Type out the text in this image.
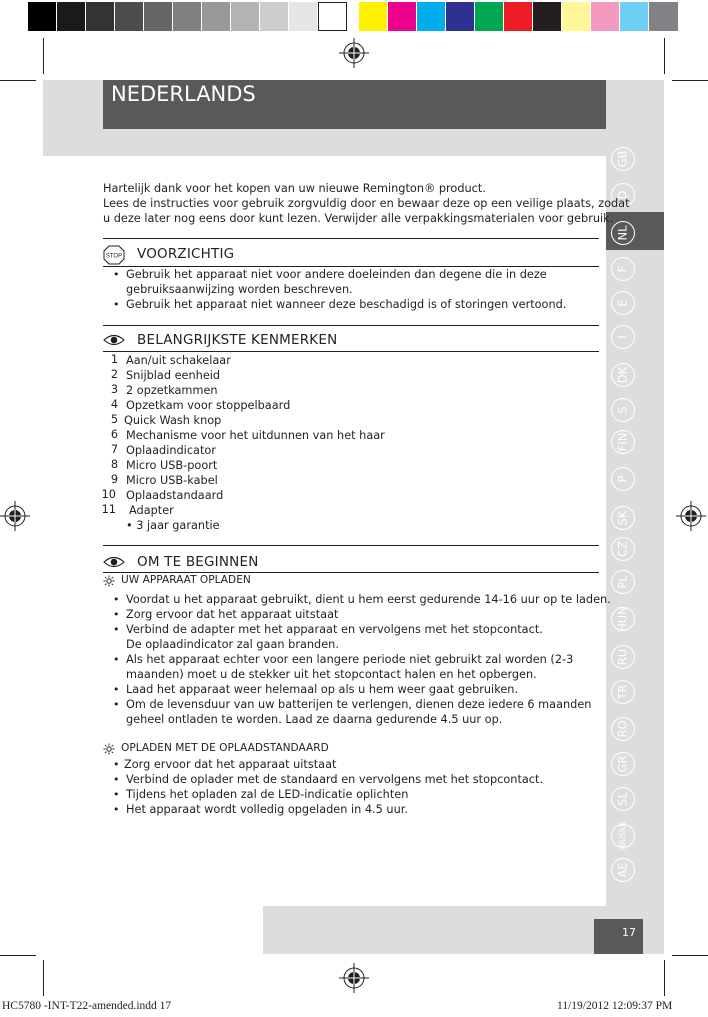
NEDERLANDS
GB
D
NL
F
E
I
DK
S
FIN
P
SK
CZ
PL
HUN
RU
TR
RO
GR
SL
HR/SRB
AE
Hartelijk dank voor het kopen van uw nieuwe Remington® product.
Lees de instructies voor gebruik zorgvuldig door en bewaar deze op een veilige plaats, zodat
u deze later nog eens door kunt lezen. Verwijder alle verpakkingsmaterialen voor gebruik.
STOP VOORZICHTIG
• Gebruik het apparaat niet voor andere doeleinden dan degene die in deze
gebruiksaanwijzing worden beschreven.
• Gebruik het apparaat niet wanneer deze beschadigd is of storingen vertoond.
BELANGRIJKSTE KENMERKEN
1 Aan/uit schakelaar
2 Snijblad eenheid
3 2 opzetkammen
4 Opzetkam voor stoppelbaard
5 Quick Wash knop
6 Mechanisme voor het uitdunnen van het haar
7 Oplaadindicator
8 Micro USB-poort
9 Micro USB-kabel
10 Oplaadstandaard
11 Adapter
• 3 jaar garantie
OM TE BEGINNEN
UW APPARAAT OPLADEN
• Voordat u het apparaat gebruikt, dient u hem eerst gedurende 14-16 uur op te laden.
• Zorg ervoor dat het apparaat uitstaat
• Verbind de adapter met het apparaat en vervolgens met het stopcontact.
De oplaadindicator zal gaan branden.
• Als het apparaat echter voor een langere periode niet gebruikt zal worden (2-3
maanden) moet u de stekker uit het stopcontact halen en het opbergen.
• Laad het apparaat weer helemaal op als u hem weer gaat gebruiken.
• Om de levensduur van uw batterijen te verlengen, dienen deze iedere 6 maanden
geheel ontladen te worden. Laad ze daarna gedurende 4.5 uur op.
OPLADEN MET DE OPLAADSTANDAARD
• Zorg ervoor dat het apparaat uitstaat
• Verbind de oplader met de standaard en vervolgens met het stopcontact.
• Tijdens het opladen zal de LED-indicatie oplichten
• Het apparaat wordt volledig opgeladen in 4.5 uur.
17
HC5780 -INT-T22-amended.indd 17	11/19/2012 12:09:37 PM
